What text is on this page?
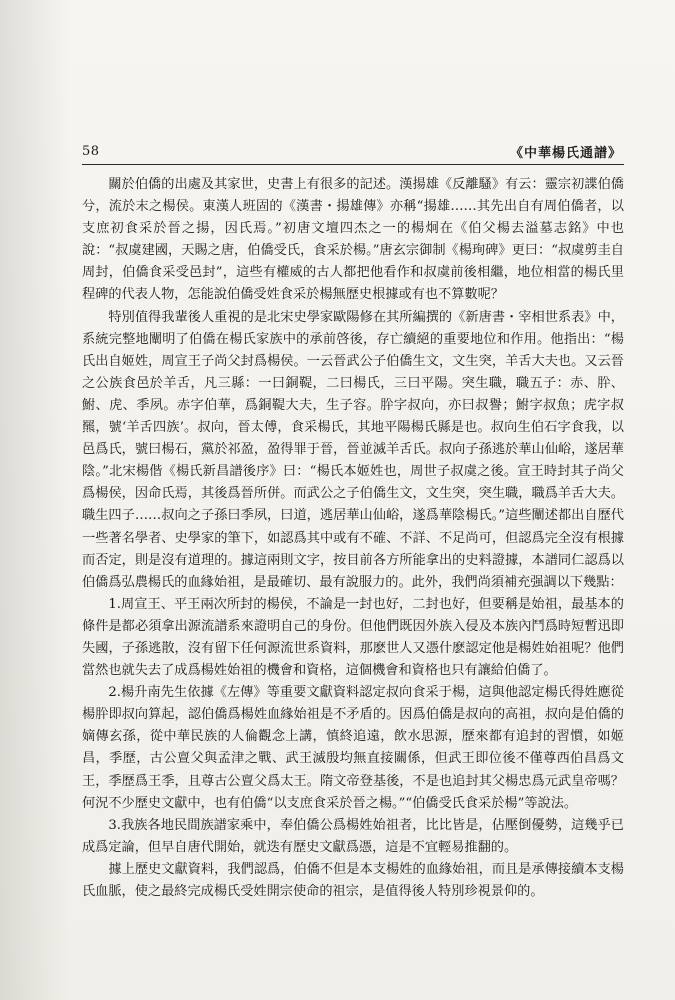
58	《中華楊氏通譜》

關於伯僑的出處及其家世，史書上有很多的記述。漢揚雄《反離騷》有云：靈宗初諜伯僑兮，流於末之楊侯。東漢人班固的《漢書・揚雄傳》亦稱“揚雄……其先出自有周伯僑者，以支庶初食采於晉之揚，因氏焉。”初唐文壇四杰之一的楊炯在《伯父楊去溢墓志銘》中也說：“叔虞建國，天賜之唐，伯僑受氏，食采於楊。”唐玄宗御制《楊珣碑》更曰：“叔虞剪圭自周封，伯僑食采受邑封”，這些有權威的古人都把他看作和叔虞前後相繼，地位相當的楊氏里程碑的代表人物，怎能說伯僑受姓食采於楊無歷史根據或有也不算數呢？

特別值得我輩後人重視的是北宋史學家歐陽修在其所編撰的《新唐書・宰相世系表》中，系統完整地闡明了伯僑在楊氏家族中的承前啓後，存亡續絕的重要地位和作用。他指出：“楊氏出自姬姓，周宣王子尚父封爲楊侯。一云晉武公子伯僑生文，文生突，羊舌大夫也。又云晉之公族食邑於羊舌，凡三縣：一曰銅鞮，二曰楊氏，三曰平陽。突生職，職五子：赤、肸、鮒、虎、季夙。赤字伯華，爲銅鞮大夫，生子容。肸字叔向，亦曰叔譽；鮒字叔魚；虎字叔羆，號‘羊舌四族’。叔向，晉太傅，食采楊氏，其地平陽楊氏縣是也。叔向生伯石字食我，以邑爲氏，號曰楊石，黨於祁盈，盈得罪于晉，晉並滅羊舌氏。叔向子孫逃於華山仙峪，遂居華陰。”北宋楊偕《楊氏新昌譜後序》曰：“楊氏本姬姓也，周世子叔虞之後。宣王時封其子尚父爲楊侯，因命氏焉，其後爲晉所併。而武公之子伯僑生文，文生突，突生職，職爲羊舌大夫。職生四子……叔向之子孫曰季夙，曰道，逃居華山仙峪，遂爲華陰楊氏。”這些闡述都出自歷代一些著名學者、史學家的筆下，如認爲其中或有不確、不詳、不足尚可，但認爲完全沒有根據而否定，則是沒有道理的。據這兩則文字，按目前各方所能拿出的史料證據，本譜同仁認爲以伯僑爲弘農楊氏的血緣始祖，是最確切、最有說服力的。此外，我們尚須補充强調以下幾點：

1.周宣王、平王兩次所封的楊侯，不論是一封也好，二封也好，但要稱是始祖，最基本的條件是都必須拿出源流譜系來證明自己的身份。但他們既因外族入侵及本族內鬥爲時短暫迅即失國，子孫逃散，沒有留下任何源流世系資料，那麽世人又憑什麽認定他是楊姓始祖呢？他們當然也就失去了成爲楊姓始祖的機會和資格，這個機會和資格也只有讓給伯僑了。

2.楊升南先生依據《左傳》等重要文獻資料認定叔向食采于楊，這與他認定楊氏得姓應從楊肸即叔向算起，認伯僑爲楊姓血緣始祖是不矛盾的。因爲伯僑是叔向的高祖，叔向是伯僑的嫡傳玄孫，從中華民族的人倫觀念上講，慎終追遠，飲水思源，歷來都有追封的習慣，如姬昌，季歷，古公亶父與孟津之戰、武王滅殷均無直接關係，但武王即位後不僅尊西伯昌爲文王，季歷爲王季，且尊古公亶父爲太王。隋文帝登基後，不是也追封其父楊忠爲元武皇帝嗎？何況不少歷史文獻中，也有伯僑“以支庶食采於晉之楊。”“伯僑受氏食采於楊”等說法。

3.我族各地民間族譜家乘中，奉伯僑公爲楊姓始祖者，比比皆是，佔壓倒優勢，這幾乎已成爲定論，但早自唐代開始，就迭有歷史文獻爲憑，這是不宜輕易推翻的。

據上歷史文獻資料，我們認爲，伯僑不但是本支楊姓的血緣始祖，而且是承傳接續本支楊氏血脈，使之最終完成楊氏受姓開宗使命的祖宗，是值得後人特別珍視景仰的。
